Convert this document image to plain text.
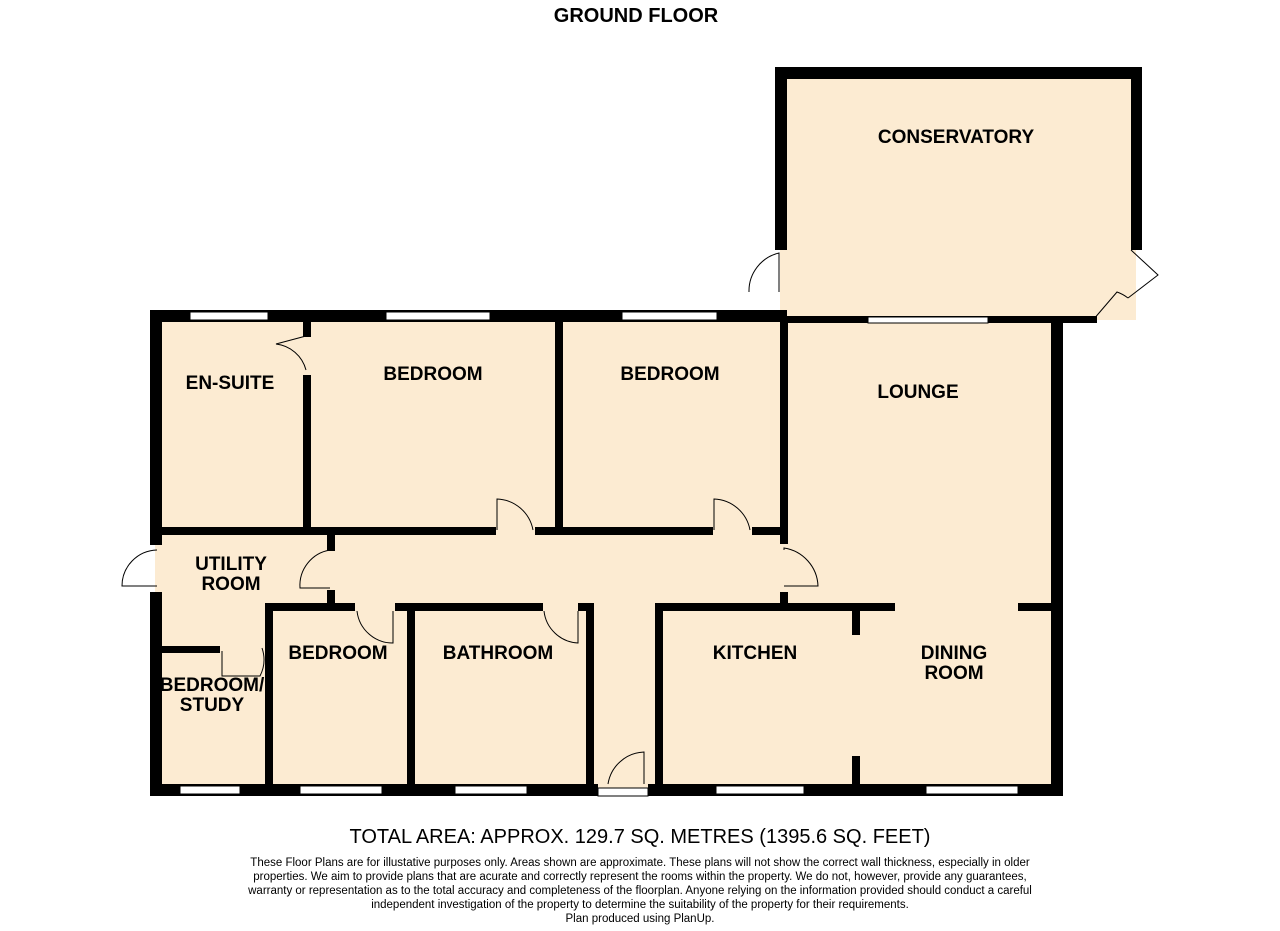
GROUND FLOOR
CONSERVATORY
EN-SUITE	BEDROOM	BEDROOM
LOUNGE
UTILITY
ROOM
BEDROOM	BATHROOM	KITCHEN	DINING
ROOM
BEDROOM/
STUDY
TOTAL AREA: APPROX. 129.7 SQ. METRES (1395.6 SQ. FEET)
These Floor Plans are for illustative purposes only. Areas shown are approximate. These plans will not show the correct wall thickness, especially in older properties. We aim to provide plans that are acurate and correctly represent the rooms within the property. We do not, however, provide any guarantees, warranty or representation as to the total accuracy and completeness of the floorplan. Anyone relying on the information provided should conduct a careful independent investigation of the property to determine the suitability of the property for their requirements.
Plan produced using PlanUp.
